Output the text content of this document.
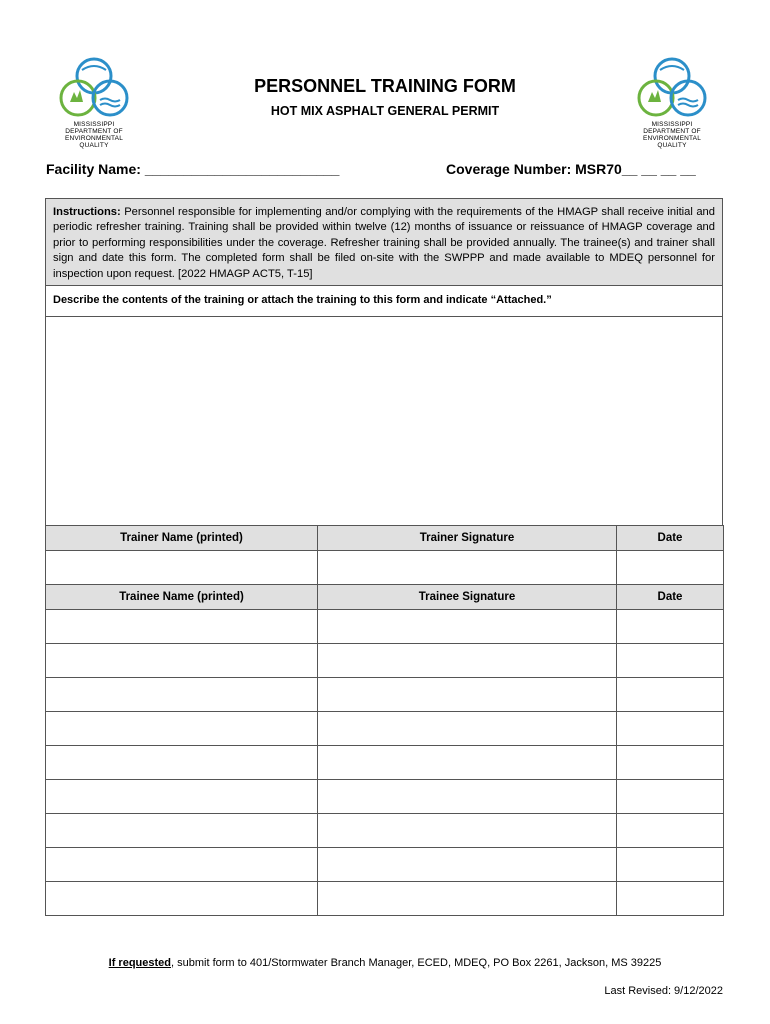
MISSISSIPPI DEPARTMENT OF
ENVIRONMENTAL QUALITY
MISSISSIPPI DEPARTMENT OF
ENVIRONMENTAL QUALITY
PERSONNEL TRAINING FORM
HOT MIX ASPHALT GENERAL PERMIT
Facility Name: _________________________	Coverage Number: MSR70__ __ __ __
Instructions: Personnel responsible for implementing and/or complying with the requirements of the HMAGP shall receive initial and periodic refresher training. Training shall be provided within twelve (12) months of issuance or reissuance of HMAGP coverage and prior to performing responsibilities under the coverage. Refresher training shall be provided annually. The trainee(s) and trainer shall sign and date this form. The completed form shall be filed on-site with the SWPPP and made available to MDEQ personnel for inspection upon request. [2022 HMAGP ACT5, T-15]
Describe the contents of the training or attach the training to this form and indicate “Attached.”
Trainer Name (printed)	Trainer Signature	Date

Trainee Name (printed)	Trainee Signature	Date

If requested, submit form to 401/Stormwater Branch Manager, ECED, MDEQ, PO Box 2261, Jackson, MS 39225
Last Revised: 9/12/2022
